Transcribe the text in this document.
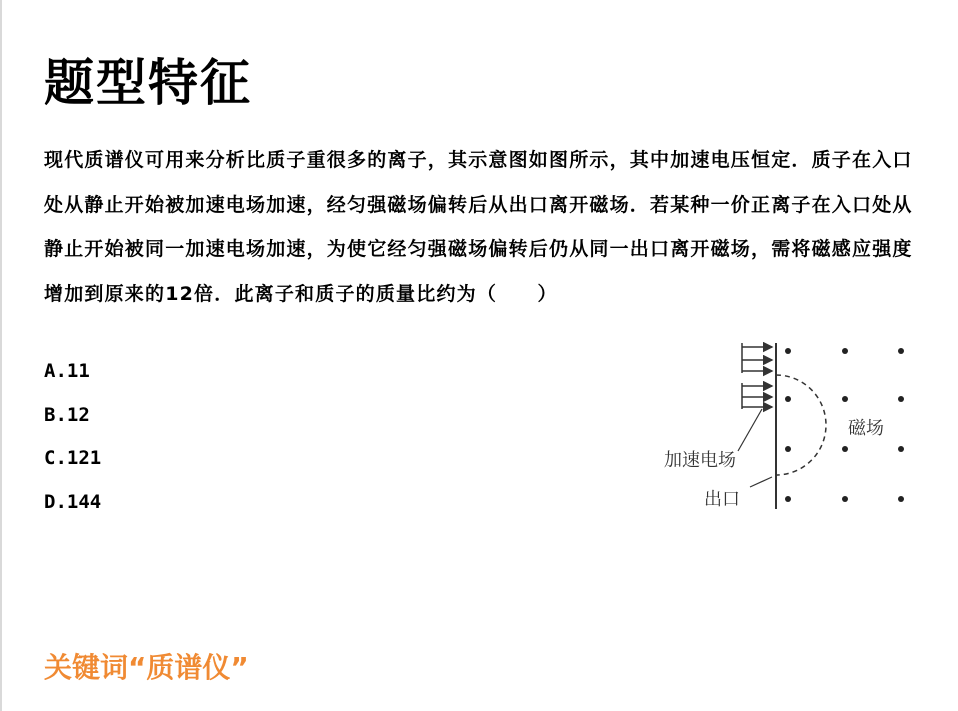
题型特征

现代质谱仪可用来分析比质子重很多的离子，其示意图如图所示，其中加速电压恒定．质子在入口处从静止开始被加速电场加速，经匀强磁场偏转后从出口离开磁场．若某种一价正离子在入口处从静止开始被同一加速电场加速，为使它经匀强磁场偏转后仍从同一出口离开磁场，需将磁感应强度增加到原来的12倍．此离子和质子的质量比约为（　　）

A.11
B.12
C.121
D.144
磁场
加速电场
出口
关键词“质谱仪”
